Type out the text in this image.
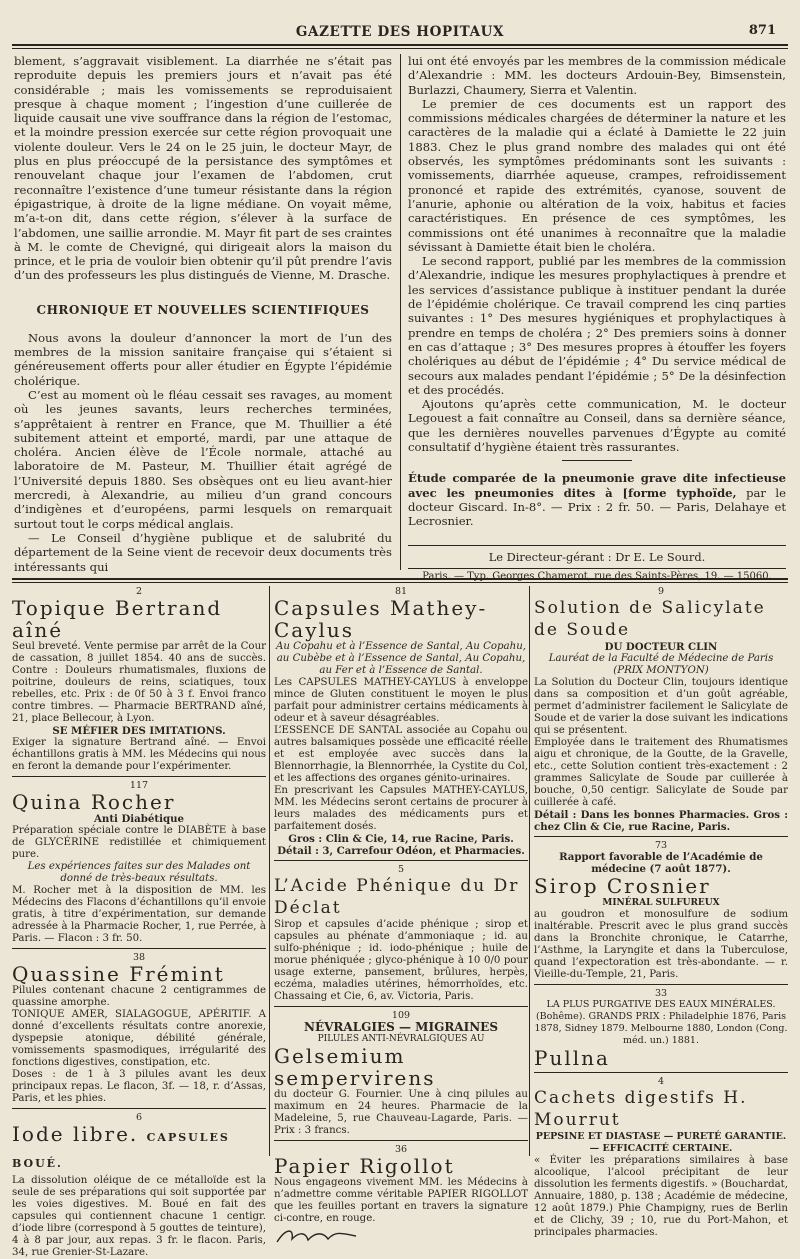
GAZETTE DES HOPITAUX	871

blement, s’aggravait visiblement. La diarrhée ne s’était pas reproduite depuis les premiers jours et n’avait pas été considérable ; mais les vomissements se reproduisaient presque à chaque moment ; l’ingestion d’une cuillerée de liquide causait une vive souffrance dans la région de l’estomac, et la moindre pression exercée sur cette région provoquait une violente douleur. Vers le 24 on le 25 juin, le docteur Mayr, de plus en plus préoccupé de la persistance des symptômes et renouvelant chaque jour l’examen de l’abdomen, crut reconnaître l’existence d’une tumeur résistante dans la région épigastrique, à droite de la ligne médiane. On voyait même, m’a-t-on dit, dans cette région, s’élever à la surface de l’abdomen, une saillie arrondie. M. Mayr fit part de ses craintes à M. le comte de Chevigné, qui dirigeait alors la maison du prince, et le pria de vouloir bien obtenir qu’il pût prendre l’avis d’un des professeurs les plus distingués de Vienne, M. Drasche.

CHRONIQUE ET NOUVELLES SCIENTIFIQUES

Nous avons la douleur d’annoncer la mort de l’un des membres de la mission sanitaire française qui s’étaient si généreusement offerts pour aller étudier en Égypte l’épidémie cholérique.

C’est au moment où le fléau cessait ses ravages, au moment où les jeunes savants, leurs recherches terminées, s’apprêtaient à rentrer en France, que M. Thuillier a été subitement atteint et emporté, mardi, par une attaque de choléra. Ancien élève de l’École normale, attaché au laboratoire de M. Pasteur, M. Thuillier était agrégé de l’Université depuis 1880. Ses obsèques ont eu lieu avant-hier mercredi, à Alexandrie, au milieu d’un grand concours d’indigènes et d’européens, parmi lesquels on remarquait surtout tout le corps médical anglais.

— Le Conseil d’hygiène publique et de salubrité du département de la Seine vient de recevoir deux documents très intéressants qui

lui ont été envoyés par les membres de la commission médicale d’Alexandrie : MM. les docteurs Ardouin-Bey, Bimsenstein, Burlazzi, Chaumery, Sierra et Valentin.

Le premier de ces documents est un rapport des commissions médicales chargées de déterminer la nature et les caractères de la maladie qui a éclaté à Damiette le 22 juin 1883. Chez le plus grand nombre des malades qui ont été observés, les symptômes prédominants sont les suivants : vomissements, diarrhée aqueuse, crampes, refroidissement prononcé et rapide des extrémités, cyanose, souvent de l’anurie, aphonie ou altération de la voix, habitus et facies caractéristiques. En présence de ces symptômes, les commissions ont été unanimes à reconnaître que la maladie sévissant à Damiette était bien le choléra.

Le second rapport, publié par les membres de la commission d’Alexandrie, indique les mesures prophylactiques à prendre et les services d’assistance publique à instituer pendant la durée de l’épidémie cholérique. Ce travail comprend les cinq parties suivantes : 1° Des mesures hygiéniques et prophylactiques à prendre en temps de choléra ; 2° Des premiers soins à donner en cas d’attaque ; 3° Des mesures propres à étouffer les foyers cholériques au début de l’épidémie ; 4° Du service médical de secours aux malades pendant l’épidémie ; 5° De la désinfection et des procédés.

Ajoutons qu’après cette communication, M. le docteur Legouest a fait connaître au Conseil, dans sa dernière séance, que les dernières nouvelles parvenues d’Égypte au comité consultatif d’hygiène étaient très rassurantes.

Étude comparée de la pneumonie grave dite infectieuse avec les pneumonies dites à [forme typhoïde, par le docteur Giscard. In-8°. — Prix : 2 fr. 50. — Paris, Delahaye et Lecrosnier.

Le Directeur-gérant : Dr E. Le Sourd.
Paris. — Typ. Georges Chamerot, rue des Saints-Pères, 19. — 15060.
2
Topique Bertrand aîné

Seul breveté. Vente permise par arrêt de la Cour de cassation, 8 juillet 1854. 40 ans de succès. Contre : Douleurs rhumatismales, fluxions de poitrine, douleurs de reins, sciatiques, toux rebelles, etc. Prix : de 0f 50 à 3 f. Envoi franco contre timbres. — Pharmacie BERTRAND aîné, 21, place Bellecour, à Lyon.

SE MÉFIER DES IMITATIONS.

Exiger la signature Bertrand aîné. — Envoi échantillons gratis à MM. les Médecins qui nous en feront la demande pour l’expérimenter.

117
Quina Rocher

Anti Diabétique

Préparation spéciale contre le DIABÈTE à base de GLYCÉRINE redistillée et chimiquement pure.

Les expériences faites sur des Malades ont donné de très-beaux résultats.

M. Rocher met à la disposition de MM. les Médecins des Flacons d’échantillons qu’il envoie gratis, à titre d’expérimentation, sur demande adressée à la Pharmacie Rocher, 1, rue Perrée, à Paris. — Flacon : 3 fr. 50.

38
Quassine Frémint

Pilules contenant chacune 2 centigrammes de quassine amorphe.

TONIQUE AMER, SIALAGOGUE, APÉRITIF. A donné d’excellents résultats contre anorexie, dyspepsie atonique, débilité générale, vomissements spasmodiques, irrégularité des fonctions digestives, constipation, etc.

Doses : de 1 à 3 pilules avant les deux principaux repas. Le flacon, 3f. — 18, r. d’Assas, Paris, et les phies.

6
Iode libre. CAPSULES BOUÉ.

La dissolution oléique de ce métalloïde est la seule de ses préparations qui soit supportée par les voies digestives. M. Boué en fait des capsules qui contiennent chacune 1 centigr. d’iode libre (correspond à 5 gouttes de teinture), 4 à 8 par jour, aux repas. 3 fr. le flacon. Paris, 34, rue Grenier-St-Lazare.

81
Capsules Mathey-Caylus

Au Copahu et à l’Essence de Santal, Au Copahu, au Cubèbe et à l’Essence de Santal, Au Copahu, au Fer et à l’Essence de Santal.

Les CAPSULES MATHEY-CAYLUS à enveloppe mince de Gluten constituent le moyen le plus parfait pour administrer certains médicaments à odeur et à saveur désagréables.

L’ESSENCE DE SANTAL associée au Copahu ou autres balsamiques possède une efficacité réelle et est employée avec succès dans la Blennorrhagie, la Blennorrhée, la Cystite du Col, et les affections des organes génito-urinaires.

En prescrivant les Capsules MATHEY-CAYLUS, MM. les Médecins seront certains de procurer à leurs malades des médicaments purs et parfaitement dosés.

Gros : Clin & Cie, 14, rue Racine, Paris. Détail : 3, Carrefour Odéon, et Pharmacies.

5
L’Acide Phénique du Dr Déclat

Sirop et capsules d’acide phénique ; sirop et capsules au phénate d’ammoniaque ; id. au sulfo-phénique ; id. iodo-phénique ; huile de morue phéniquée ; glyco-phénique à 10 0/0 pour usage externe, pansement, brûlures, herpès, eczéma, maladies utérines, hémorrhoïdes, etc. Chassaing et Cie, 6, av. Victoria, Paris.

109

NÉVRALGIES — MIGRAINES

PILULES ANTI-NÉVRALGIQUES AU

Gelsemium sempervirens

du docteur G. Fournier. Une à cinq pilules au maximum en 24 heures. Pharmacie de la Madeleine, 5, rue Chauveau-Lagarde, Paris. — Prix : 3 francs.

36
Papier Rigollot

Nous engageons vivement MM. les Médecins à n’admettre comme véritable PAPIER RIGOLLOT que les feuilles portant en travers la signature ci-contre, en rouge.

9
Solution de Salicylate de Soude

DU DOCTEUR CLIN

Lauréat de la Faculté de Médecine de Paris (PRIX MONTYON)

La Solution du Docteur Clin, toujours identique dans sa composition et d’un goût agréable, permet d’administrer facilement le Salicylate de Soude et de varier la dose suivant les indications qui se présentent.

Employée dans le traitement des Rhumatismes aigu et chronique, de la Goutte, de la Gravelle, etc., cette Solution contient très-exactement : 2 grammes Salicylate de Soude par cuillerée à bouche, 0,50 centigr. Salicylate de Soude par cuillerée à café.

Détail : Dans les bonnes Pharmacies. Gros : chez Clin & Cie, rue Racine, Paris.

73

Rapport favorable de l’Académie de médecine (7 août 1877).

Sirop Crosnier

MINÉRAL SULFUREUX

au goudron et monosulfure de sodium inaltérable. Prescrit avec le plus grand succès dans la Bronchite chronique, le Catarrhe, l’Asthme, la Laryngite et dans la Tuberculose, quand l’expectoration est très-abondante. — r. Vieille-du-Temple, 21, Paris.

33

LA PLUS PURGATIVE DES EAUX MINÉRALES. (Bohême). GRANDS PRIX : Philadelphie 1876, Paris 1878, Sidney 1879. Melbourne 1880, London (Cong. méd. un.) 1881.

Pullna
4
Cachets digestifs H. Mourrut

PEPSINE ET DIASTASE — PURETÉ GARANTIE. — EFFICACITÉ CERTAINE.

« Éviter les préparations similaires à base alcoolique, l’alcool précipitant de leur dissolution les ferments digestifs. » (Bouchardat, Annuaire, 1880, p. 138 ; Académie de médecine, 12 août 1879.) Phie Champigny, rues de Berlin et de Clichy, 39 ; 10, rue du Port-Mahon, et principales pharmacies.
